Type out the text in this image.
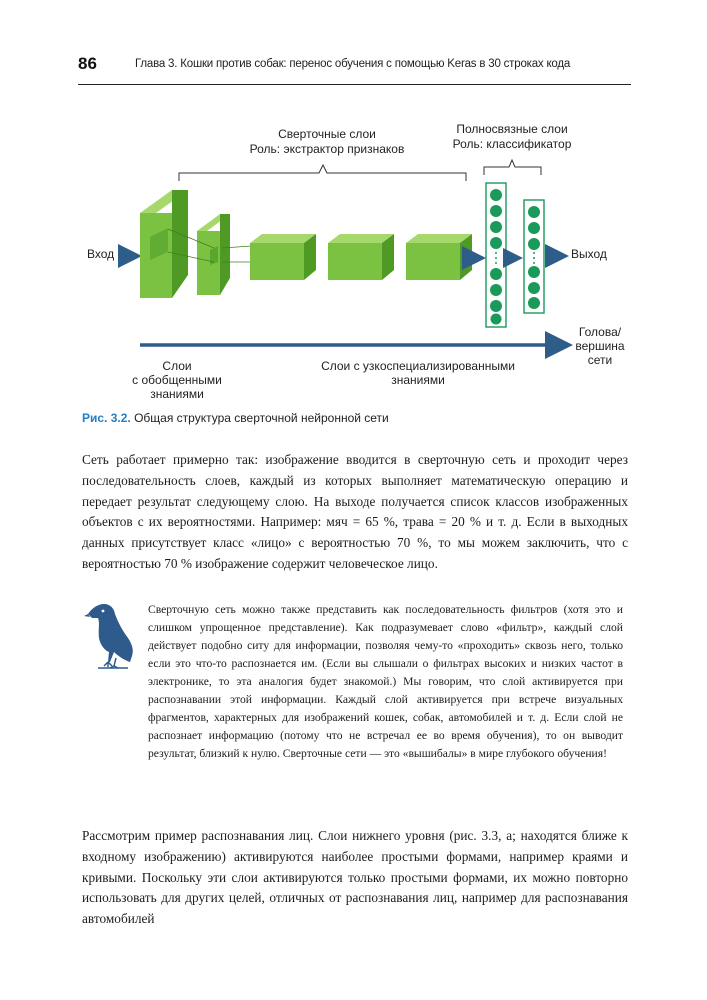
86	Глава 3. Кошки против собак: перенос обучения с помощью Keras в 30 строках кода
Сверточные слои
Роль: экстрактор признаков
Полносвязные слои
Роль: классификатор
Вход	Выход
Голова/
вершина
сети
Слои
с обобщенными
знаниями
Слои с узкоспециализированными
знаниями
Рис. 3.2. Общая структура сверточной нейронной сети

Сеть работает примерно так: изображение вводится в сверточную сеть и проходит через последовательность слоев, каждый из которых выполняет математическую операцию и передает результат следующему слою. На выходе получается список классов изображенных объектов с их вероятностями. Например: мяч = 65 %, трава = 20 % и т. д. Если в выходных данных присутствует класс «лицо» с вероятностью 70 %, то мы можем заключить, что с вероятностью 70 % изображение содержит человеческое лицо.

Сверточную сеть можно также представить как последовательность фильтров (хотя это и слишком упрощенное представление). Как подразумевает слово «фильтр», каждый слой действует подобно ситу для информации, позволяя чему-то «проходить» сквозь него, только если это что-то распознается им. (Если вы слышали о фильтрах высоких и низких частот в электронике, то эта аналогия будет знакомой.) Мы говорим, что слой активируется при распознавании этой информации. Каждый слой активируется при встрече визуальных фрагментов, характерных для изображений кошек, собак, автомобилей и т. д. Если слой не распознает информацию (потому что не встречал ее во время обучения), то он выводит результат, близкий к нулю. Сверточные сети — это «вышибалы» в мире глубокого обучения!

Рассмотрим пример распознавания лиц. Слои нижнего уровня (рис. 3.3, а; находятся ближе к входному изображению) активируются наиболее простыми формами, например краями и кривыми. Поскольку эти слои активируются только простыми формами, их можно повторно использовать для других целей, отличных от распознавания лиц, например для распознавания автомобилей
